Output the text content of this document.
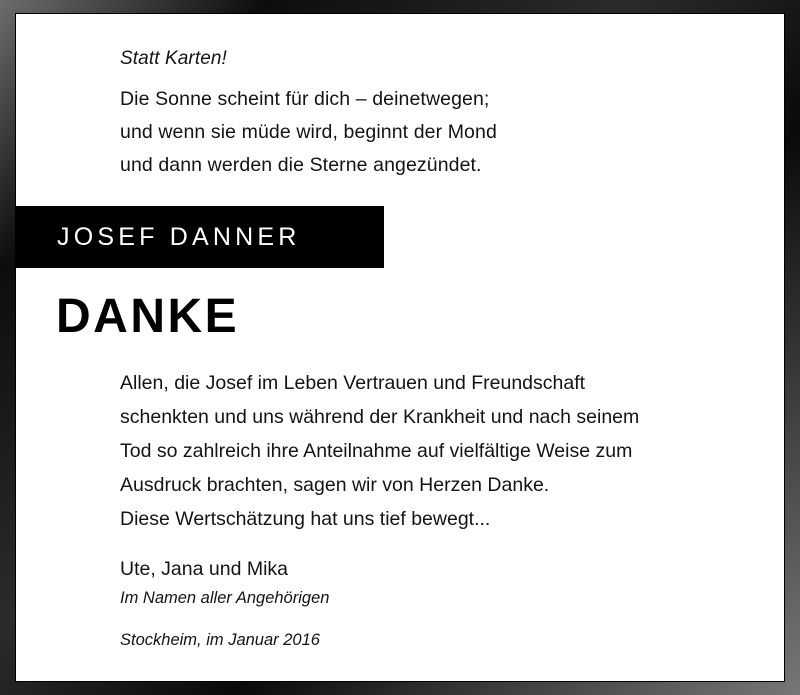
Statt Karten!
Die Sonne scheint für dich – deinetwegen;
und wenn sie müde wird, beginnt der Mond
und dann werden die Sterne angezündet.
JOSEF DANNER
DANKE
Allen, die Josef im Leben Vertrauen und Freundschaft
schenkten und uns während der Krankheit und nach seinem
Tod so zahlreich ihre Anteilnahme auf vielfältige Weise zum
Ausdruck brachten, sagen wir von Herzen Danke.
Diese Wertschätzung hat uns tief bewegt...
Ute, Jana und Mika
Im Namen aller Angehörigen
Stockheim, im Januar 2016
